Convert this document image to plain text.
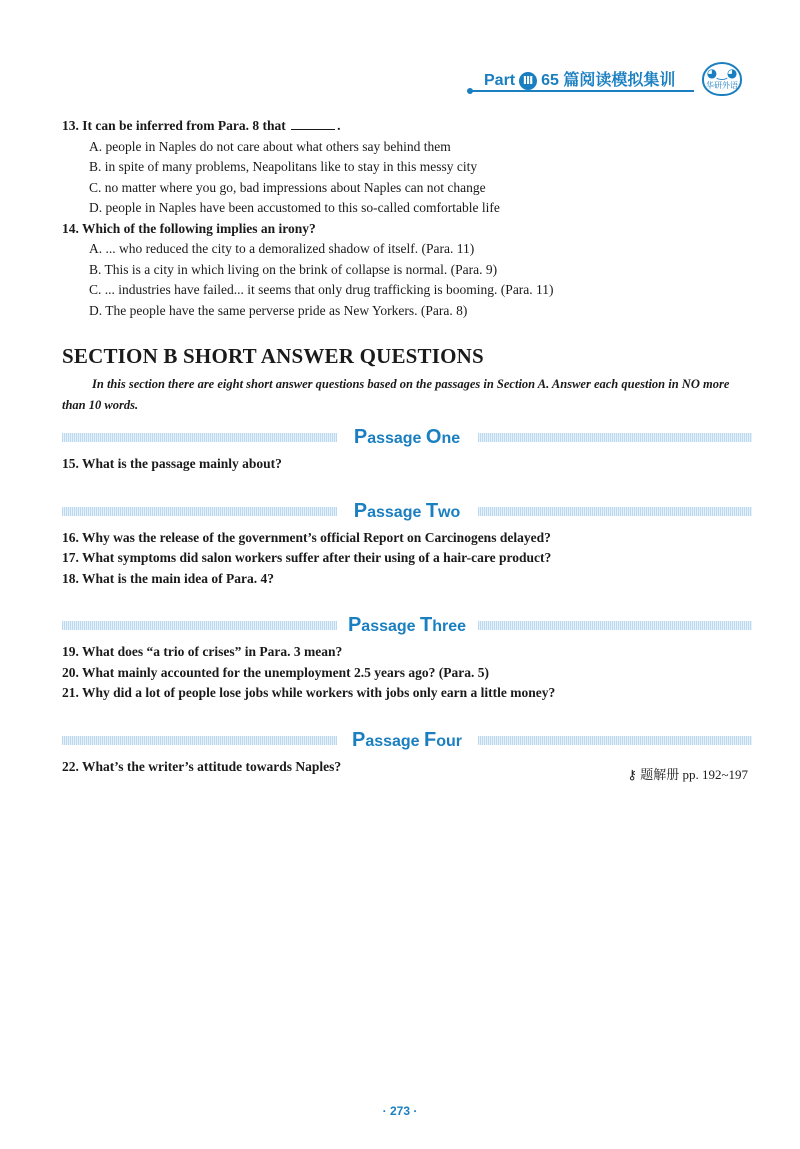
Part Ⅲ 65 篇阅读模拟集训	◕‿◕
华研外语
13. It can be inferred from Para. 8 that	.
A. people in Naples do not care about what others say behind them
B. in spite of many problems, Neapolitans like to stay in this messy city
C. no matter where you go, bad impressions about Naples can not change
D. people in Naples have been accustomed to this so-called comfortable life
14. Which of the following implies an irony?
A. ... who reduced the city to a demoralized shadow of itself. (Para. 11)
B. This is a city in which living on the brink of collapse is normal. (Para. 9)
C. ... industries have failed... it seems that only drug trafficking is booming. (Para. 11)
D. The people have the same perverse pride as New Yorkers. (Para. 8)
SECTION B SHORT ANSWER QUESTIONS
In this section there are eight short answer questions based on the passages in Section A. Answer each question in NO more than 10 words.
Passage One
15. What is the passage mainly about?
Passage Two
16. Why was the release of the government’s official Report on Carcinogens delayed?
17. What symptoms did salon workers suffer after their using of a hair-care product?
18. What is the main idea of Para. 4?
Passage Three
19. What does “a trio of crises” in Para. 3 mean?
20. What mainly accounted for the unemployment 2.5 years ago? (Para. 5)
21. Why did a lot of people lose jobs while workers with jobs only earn a little money?
Passage Four
22. What’s the writer’s attitude towards Naples?
⚷ 题解册 pp. 192~197
· 273 ·
